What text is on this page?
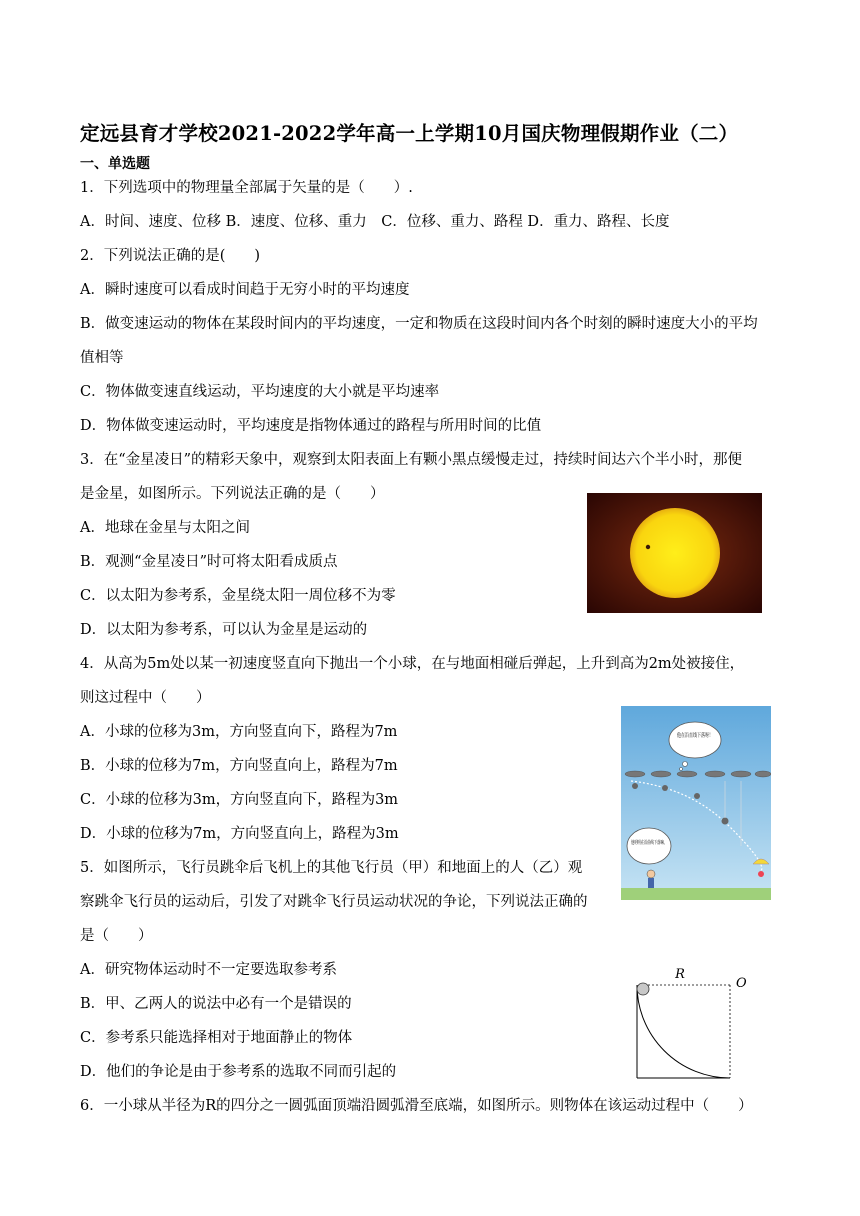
定远县育才学校2021-2022学年高一上学期10月国庆物理假期作业（二）
一、单选题
1．下列选项中的物理量全部属于矢量的是（　　）.
A．时间、速度、位移 B．速度、位移、重力　C．位移、重力、路程 D．重力、路程、长度
2．下列说法正确的是(　　)
A．瞬时速度可以看成时间趋于无穷小时的平均速度
B．做变速运动的物体在某段时间内的平均速度，一定和物质在这段时间内各个时刻的瞬时速度大小的平均
值相等
C．物体做变速直线运动，平均速度的大小就是平均速率
D．物体做变速运动时，平均速度是指物体通过的路程与所用时间的比值
3．在“金星凌日”的精彩天象中，观察到太阳表面上有颗小黑点缓慢走过，持续时间达六个半小时，那便
是金星，如图所示。下列说法正确的是（　　）
A．地球在金星与太阳之间
B．观测“金星凌日”时可将太阳看成质点
C．以太阳为参考系，金星绕太阳一周位移不为零
D．以太阳为参考系，可以认为金星是运动的
4．从高为5m处以某一初速度竖直向下抛出一个小球，在与地面相碰后弹起，上升到高为2m处被接住，
则这过程中（　　）
A．小球的位移为3m，方向竖直向下，路程为7m
B．小球的位移为7m，方向竖直向上，路程为7m
C．小球的位移为3m，方向竖直向下，路程为3m
D．小球的位移为7m，方向竖直向上，路程为3m
他在沿直线下落呀！
他明明在沿曲线下落嘛。
5．如图所示，飞行员跳伞后飞机上的其他飞行员（甲）和地面上的人（乙）观
察跳伞飞行员的运动后，引发了对跳伞飞行员运动状况的争论，下列说法正确的
是（　　）
A．研究物体运动时不一定要选取参考系
B．甲、乙两人的说法中必有一个是错误的
C．参考系只能选择相对于地面静止的物体
D．他们的争论是由于参考系的选取不同而引起的
R
O
6．一小球从半径为R的四分之一圆弧面顶端沿圆弧滑至底端，如图所示。则物体在该运动过程中（　　）
